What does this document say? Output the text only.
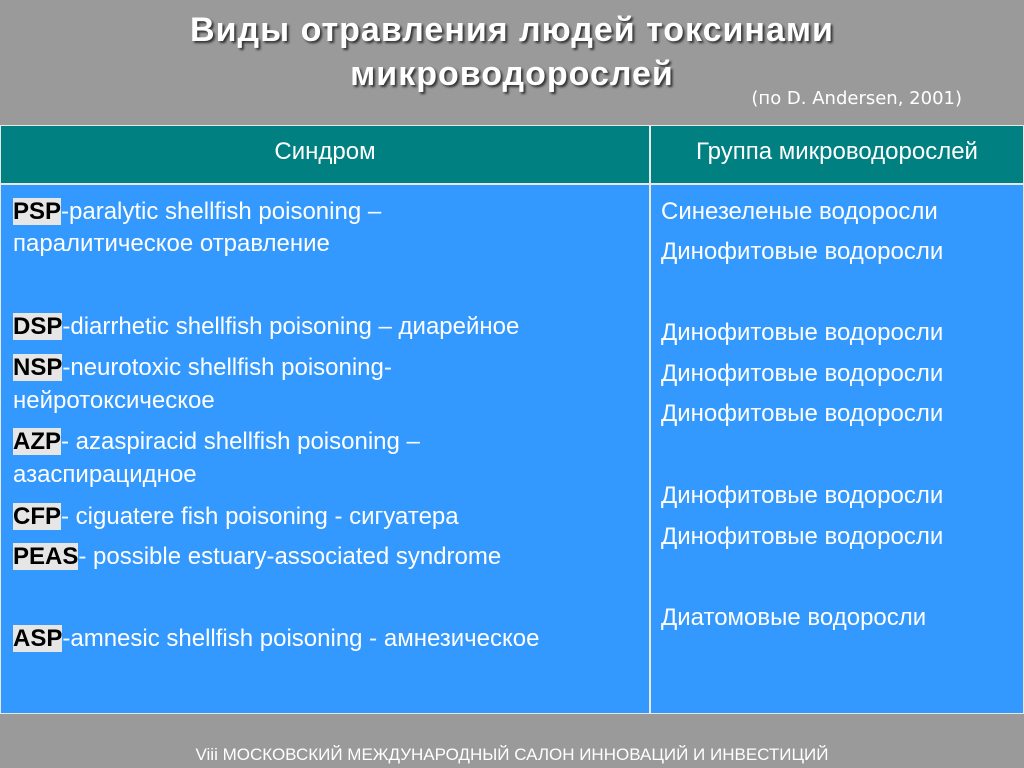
Виды отравления людей токсинами
микроводорослей
(по D. Andersen, 2001)
Синдром	Группа микроводорослей
PSP-paralytic shellfish poisoning –
паралитическое отравление
DSP-diarrhetic shellfish poisoning – диарейное
NSP-neurotoxic shellfish poisoning-
нейротоксическое
AZP- azaspiracid shellfish poisoning –
азаспирацидное
CFP- ciguatere fish poisoning - сигуатера
PEAS- possible estuary-associated syndrome
ASP-amnesic shellfish poisoning - амнезическое
Синезеленые водоросли
Динофитовые водоросли
Динофитовые водоросли
Динофитовые водоросли
Динофитовые водоросли
Динофитовые водоросли
Динофитовые водоросли
Диатомовые водоросли
Viii МОСКОВСКИЙ МЕЖДУНАРОДНЫЙ САЛОН ИННОВАЦИЙ И ИНВЕСТИЦИЙ
